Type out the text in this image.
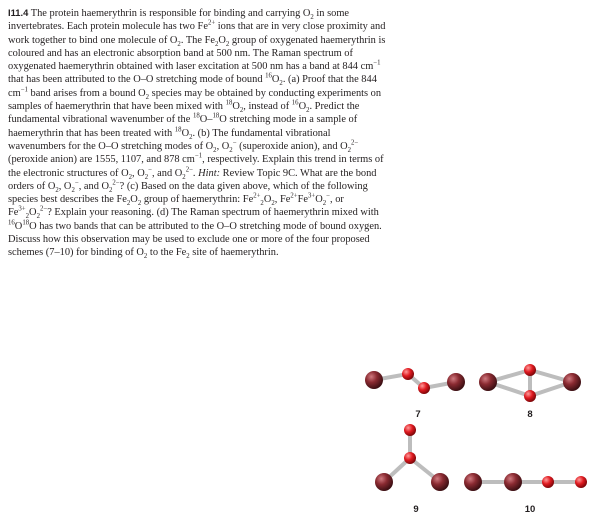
I11.4 The protein haemerythrin is responsible for binding and carrying $O_2$ in some invertebrates. Each protein molecule has two $Fe^{2+}$ ions that are in very close proximity and work together to bind one molecule of $O_2$. The $Fe_2O_2$ group of oxygenated haemerythrin is coloured and has an electronic absorption band at 500 nm. The Raman spectrum of oxygenated haemerythrin obtained with laser excitation at 500 nm has a band at 844 $cm^{-1}$ that has been attributed to the O–O stretching mode of bound $^{16}O_2$. (a) Proof that the 844 $cm^{-1}$ band arises from a bound $O_2$ species may be obtained by conducting experiments on samples of haemerythrin that have been mixed with $^{18}O_2$, instead of $^{16}O_2$. Predict the fundamental vibrational wavenumber of the $^{18}$O–$^{18}$O stretching mode in a sample of haemerythrin that has been treated with $^{18}O_2$. (b) The fundamental vibrational wavenumbers for the O–O stretching modes of $O_2$, $O_2^-$ (superoxide anion), and $O_2^{2-}$ (peroxide anion) are 1555, 1107, and 878 $cm^{-1}$, respectively. Explain this trend in terms of the electronic structures of $O_2$, $O_2^-$, and $O_2^{2-}$. Hint: Review Topic 9C. What are the bond orders of $O_2$, $O_2^-$, and $O_2^{2-}$? (c) Based on the data given above, which of the following species best describes the $Fe_2O_2$ group of haemerythrin: $Fe^{2+}_2O_2$, $Fe^{2+}Fe^{3+}O_2^-$, or $Fe^{3+}_2O_2^{2-}$? Explain your reasoning. (d) The Raman spectrum of haemerythrin mixed with $^{16}O^{18}O$ has two bands that can be attributed to the O–O stretching mode of bound oxygen. Discuss how this observation may be used to exclude one or more of the four proposed schemes (7–10) for binding of $O_2$ to the $Fe_2$ site of haemerythrin.
7	8
9	10
